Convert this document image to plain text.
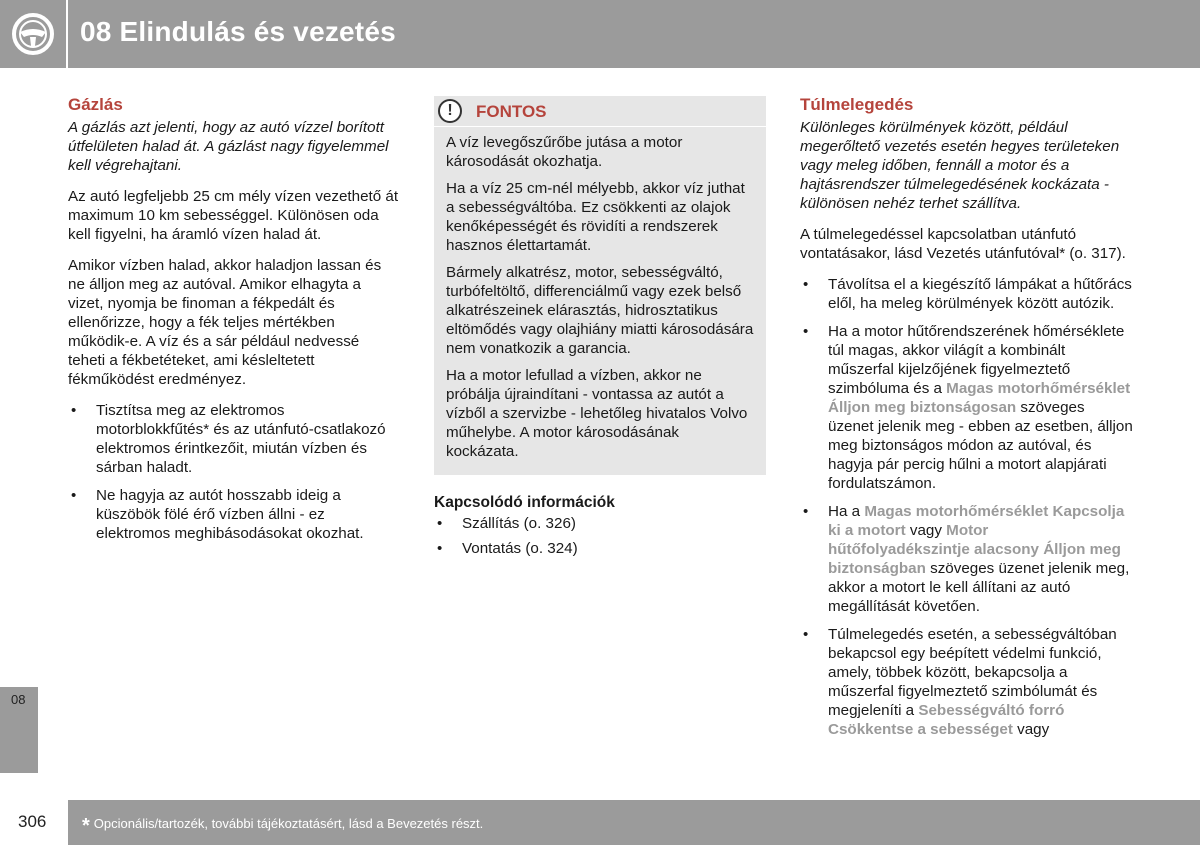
08 Elindulás és vezetés
Gázlás

A gázlás azt jelenti, hogy az autó vízzel borított útfelületen halad át. A gázlást nagy figyelemmel kell végrehajtani.

Az autó legfeljebb 25 cm mély vízen vezethető át maximum 10 km sebességgel. Különösen oda kell figyelni, ha áramló vízen halad át.

Amikor vízben halad, akkor haladjon lassan és ne álljon meg az autóval. Amikor elhagyta a vizet, nyomja be finoman a fékpedált és ellenőrizze, hogy a fék teljes mértékben működik-e. A víz és a sár például nedvessé teheti a fékbetéteket, ami késleltetett fékműködést eredményez.

• Tisztítsa meg az elektromos motorblokkfűtés* és az utánfutó-csatlakozó elektromos érintkezőit, miután vízben és sárban haladt.
• Ne hagyja az autót hosszabb ideig a küszöbök fölé érő vízben állni - ez elektromos meghibásodásokat okozhat.
!	FONTOS

A víz levegőszűrőbe jutása a motor károsodását okozhatja.

Ha a víz 25 cm-nél mélyebb, akkor víz juthat a sebességváltóba. Ez csökkenti az olajok kenőképességét és rövidíti a rendszerek hasznos élettartamát.

Bármely alkatrész, motor, sebességváltó, turbófeltöltő, differenciálmű vagy ezek belső alkatrészeinek elárasztás, hidrosztatikus eltömődés vagy olajhiány miatti károsodására nem vonatkozik a garancia.

Ha a motor lefullad a vízben, akkor ne próbálja újraindítani - vontassa az autót a vízből a szervizbe - lehetőleg hivatalos Volvo műhelybe. A motor károsodásának kockázata.

Kapcsolódó információk
• Szállítás (o. 326)
• Vontatás (o. 324)
Túlmelegedés

Különleges körülmények között, például megerőltető vezetés esetén hegyes területeken vagy meleg időben, fennáll a motor és a hajtásrendszer túlmelegedésének kockázata - különösen nehéz terhet szállítva.

A túlmelegedéssel kapcsolatban utánfutó vontatásakor, lásd Vezetés utánfutóval* (o. 317).

• Távolítsa el a kiegészítő lámpákat a hűtőrács elől, ha meleg körülmények között autózik.
• Ha a motor hűtőrendszerének hőmérséklete túl magas, akkor világít a kombinált műszerfal kijelzőjének figyelmeztető szimbóluma és a Magas motorhőmérséklet Álljon meg biztonságosan szöveges üzenet jelenik meg - ebben az esetben, álljon meg biztonságos módon az autóval, és hagyja pár percig hűlni a motort alapjárati fordulatszámon.
• Ha a Magas motorhőmérséklet Kapcsolja ki a motort vagy Motor hűtőfolyadékszintje alacsony Álljon meg biztonságban szöveges üzenet jelenik meg, akkor a motort le kell állítani az autó megállítását követően.
• Túlmelegedés esetén, a sebességváltóban bekapcsol egy beépített védelmi funkció, amely, többek között, bekapcsolja a műszerfal figyelmeztető szimbólumát és megjeleníti a Sebességváltó forró Csökkentse a sebességet vagy
08
306 * Opcionális/tartozék, további tájékoztatásért, lásd a Bevezetés részt.
